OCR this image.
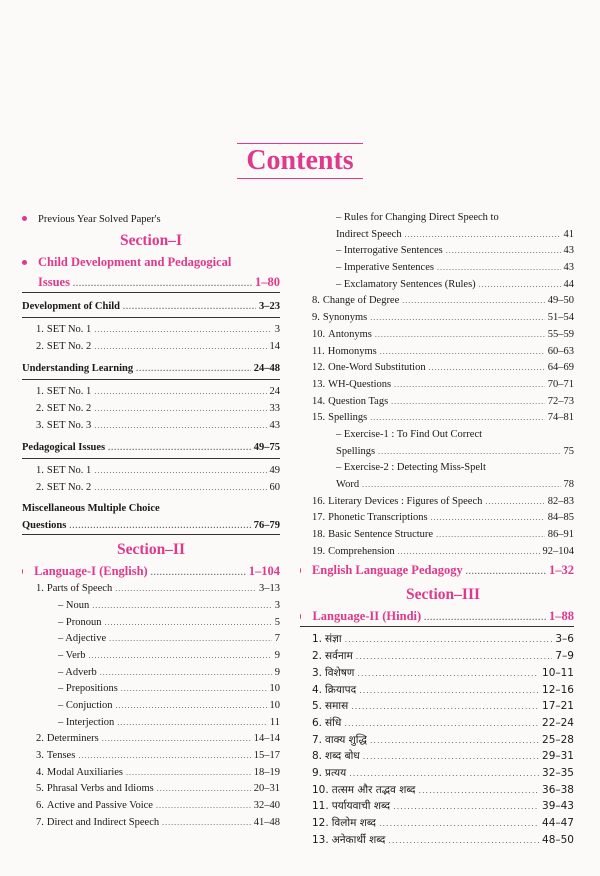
Contents
Previous Year Solved Paper's
Section–I
Child Development and Pedagogical
Issues .....	1–80
Development of Child .....	3–23
1. SET No. 1 .....	3
2. SET No. 2 .....	14
Understanding Learning .....	24–48
1. SET No. 1 .....	24
2. SET No. 2 .....	33
3. SET No. 3 .....	43
Pedagogical Issues .....	49–75
1. SET No. 1 .....	49
2. SET No. 2 .....	60
Miscellaneous Multiple Choice
Questions .....	76–79
Section–II
Language-I (English) .....	1–104
1. Parts of Speech .....	3–13
– Noun .....	3
– Pronoun .....	5
– Adjective .....	7
– Verb .....	9
– Adverb .....	9
– Prepositions .....	10
– Conjuction .....	10
– Interjection .....	11
2. Determiners .....	14–14
3. Tenses .....	15–17
4. Modal Auxiliaries .....	18–19
5. Phrasal Verbs and Idioms .....	20–31
6. Active and Passive Voice .....	32–40
7. Direct and Indirect Speech .....	41–48
– Rules for Changing Direct Speech to
Indirect Speech .....	41
– Interrogative Sentences .....	43
– Imperative Sentences .....	43
– Exclamatory Sentences (Rules) .....	44
8. Change of Degree .....	49–50
9. Synonyms .....	51–54
10. Antonyms .....	55–59
11. Homonyms .....	60–63
12. One-Word Substitution .....	64–69
13. WH-Questions .....	70–71
14. Question Tags .....	72–73
15. Spellings .....	74–81
– Exercise-1 : To Find Out Correct
Spellings .....	75
– Exercise-2 : Detecting Miss-Spelt
Word .....	78
16. Literary Devices : Figures of Speech .....	82–83
17. Phonetic Transcriptions .....	84–85
18. Basic Sentence Structure .....	86–91
19. Comprehension .....	92–104
English Language Pedagogy .....	1–32
Section–III
Language-II (Hindi) .....	1–88
1. संज्ञा .....	3–6
2. सर्वनाम .....	7–9
3. विशेषण .....	10–11
4. क्रियापद .....	12–16
5. समास .....	17–21
6. संधि .....	22–24
7. वाक्य शुद्धि .....	25–28
8. शब्द बोध .....	29–31
9. प्रत्यय .....	32–35
10. तत्सम और तद्भव शब्द .....	36–38
11. पर्यायवाची शब्द .....	39–43
12. विलोम शब्द .....	44–47
13. अनेकार्थी शब्द .....	48–50
